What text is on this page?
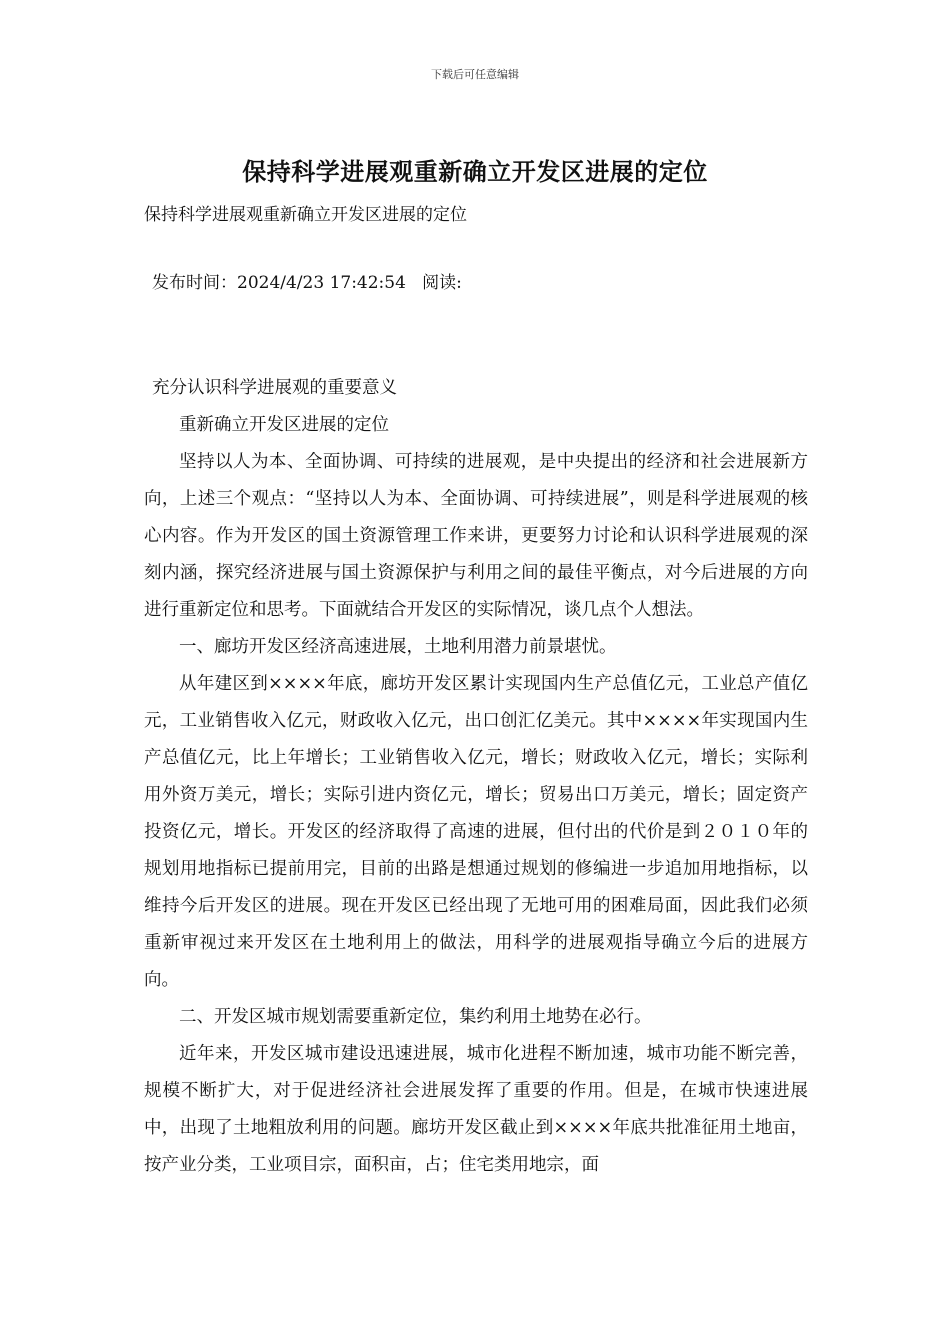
下载后可任意编辑
保持科学进展观重新确立开发区进展的定位
保持科学进展观重新确立开发区进展的定位
发布时间：2024/4/23 17:42:54 阅读:

充分认识科学进展观的重要意义

重新确立开发区进展的定位

坚持以人为本、全面协调、可持续的进展观，是中央提出的经济和社会进展新方向，上述三个观点：“坚持以人为本、全面协调、可持续进展”，则是科学进展观的核心内容。作为开发区的国土资源管理工作来讲，更要努力讨论和认识科学进展观的深刻内涵，探究经济进展与国土资源保护与利用之间的最佳平衡点，对今后进展的方向进行重新定位和思考。下面就结合开发区的实际情况，谈几点个人想法。

一、廊坊开发区经济高速进展，土地利用潜力前景堪忧。

从年建区到××××年底，廊坊开发区累计实现国内生产总值亿元，工业总产值亿元，工业销售收入亿元，财政收入亿元，出口创汇亿美元。其中××××年实现国内生产总值亿元，比上年增长；工业销售收入亿元，增长；财政收入亿元，增长；实际利用外资万美元，增长；实际引进内资亿元，增长；贸易出口万美元，增长；固定资产投资亿元，增长。开发区的经济取得了高速的进展，但付出的代价是到２０１０年的规划用地指标已提前用完，目前的出路是想通过规划的修编进一步追加用地指标，以维持今后开发区的进展。现在开发区已经出现了无地可用的困难局面，因此我们必须重新审视过来开发区在土地利用上的做法，用科学的进展观指导确立今后的进展方向。

二、开发区城市规划需要重新定位，集约利用土地势在必行。

近年来，开发区城市建设迅速进展，城市化进程不断加速，城市功能不断完善，规模不断扩大，对于促进经济社会进展发挥了重要的作用。但是，在城市快速进展中，出现了土地粗放利用的问题。廊坊开发区截止到××××年底共批准征用土地亩，按产业分类，工业项目宗，面积亩，占；住宅类用地宗，面
